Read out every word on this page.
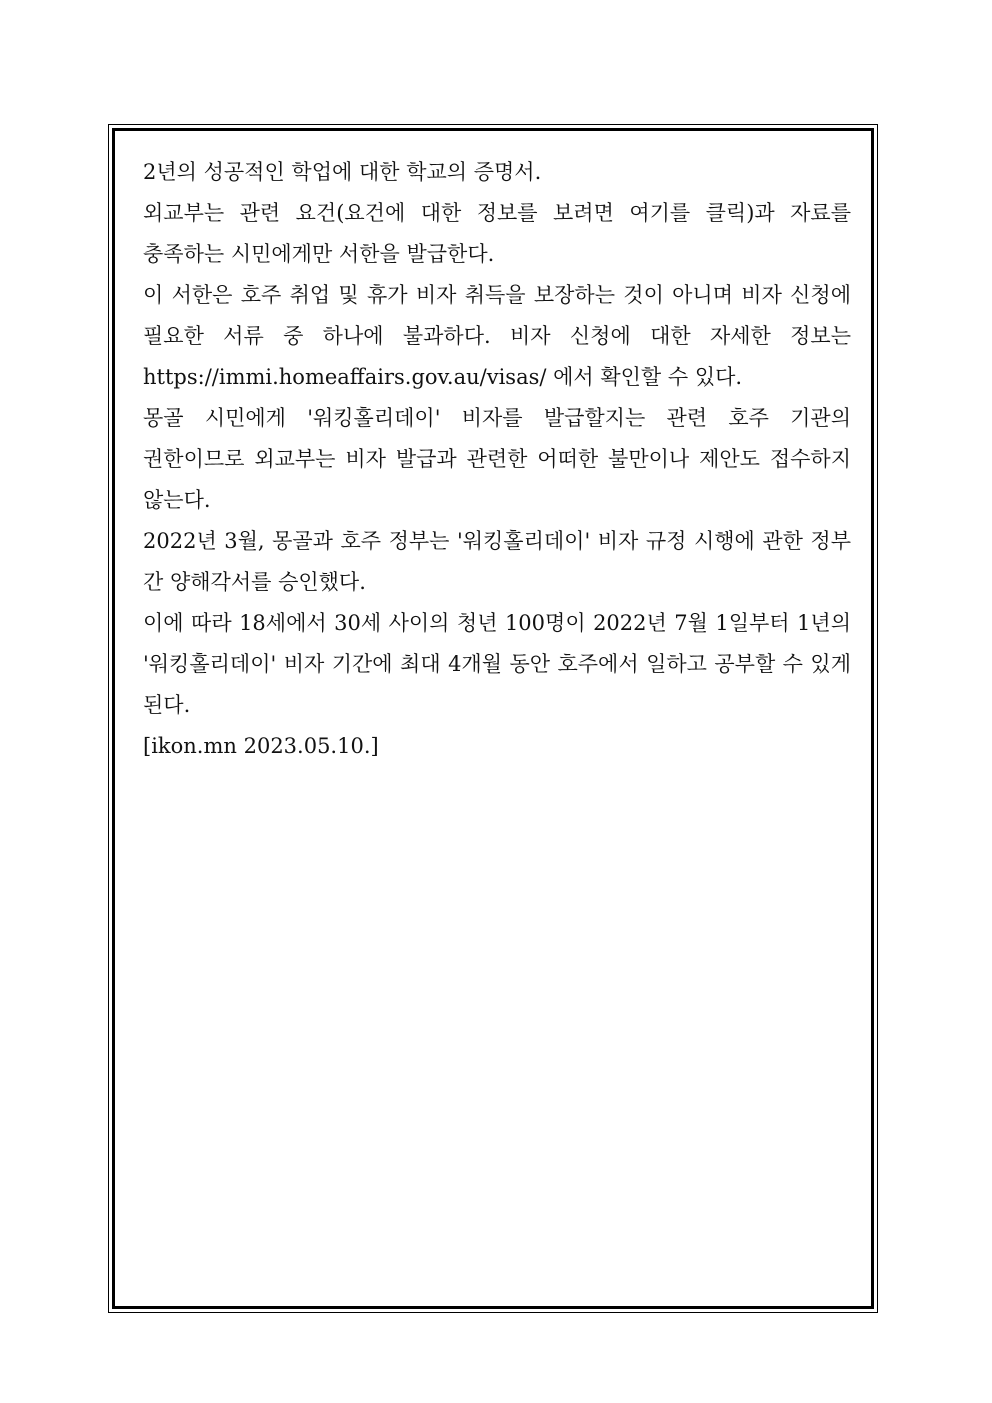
2년의 성공적인 학업에 대한 학교의 증명서.

외교부는 관련 요건(요건에 대한 정보를 보려면 여기를 클릭)과 자료를 충족하는 시민에게만 서한을 발급한다.

이 서한은 호주 취업 및 휴가 비자 취득을 보장하는 것이 아니며 비자 신청에 필요한 서류 중 하나에 불과하다. 비자 신청에 대한 자세한 정보는 https://immi.homeaffairs.gov.au/visas/ 에서 확인할 수 있다.

몽골 시민에게 '워킹홀리데이' 비자를 발급할지는 관련 호주 기관의 권한이므로 외교부는 비자 발급과 관련한 어떠한 불만이나 제안도 접수하지 않는다.

2022년 3월, 몽골과 호주 정부는 '워킹홀리데이' 비자 규정 시행에 관한 정부 간 양해각서를 승인했다.

이에 따라 18세에서 30세 사이의 청년 100명이 2022년 7월 1일부터 1년의 '워킹홀리데이' 비자 기간에 최대 4개월 동안 호주에서 일하고 공부할 수 있게 된다.

[ikon.mn 2023.05.10.]
